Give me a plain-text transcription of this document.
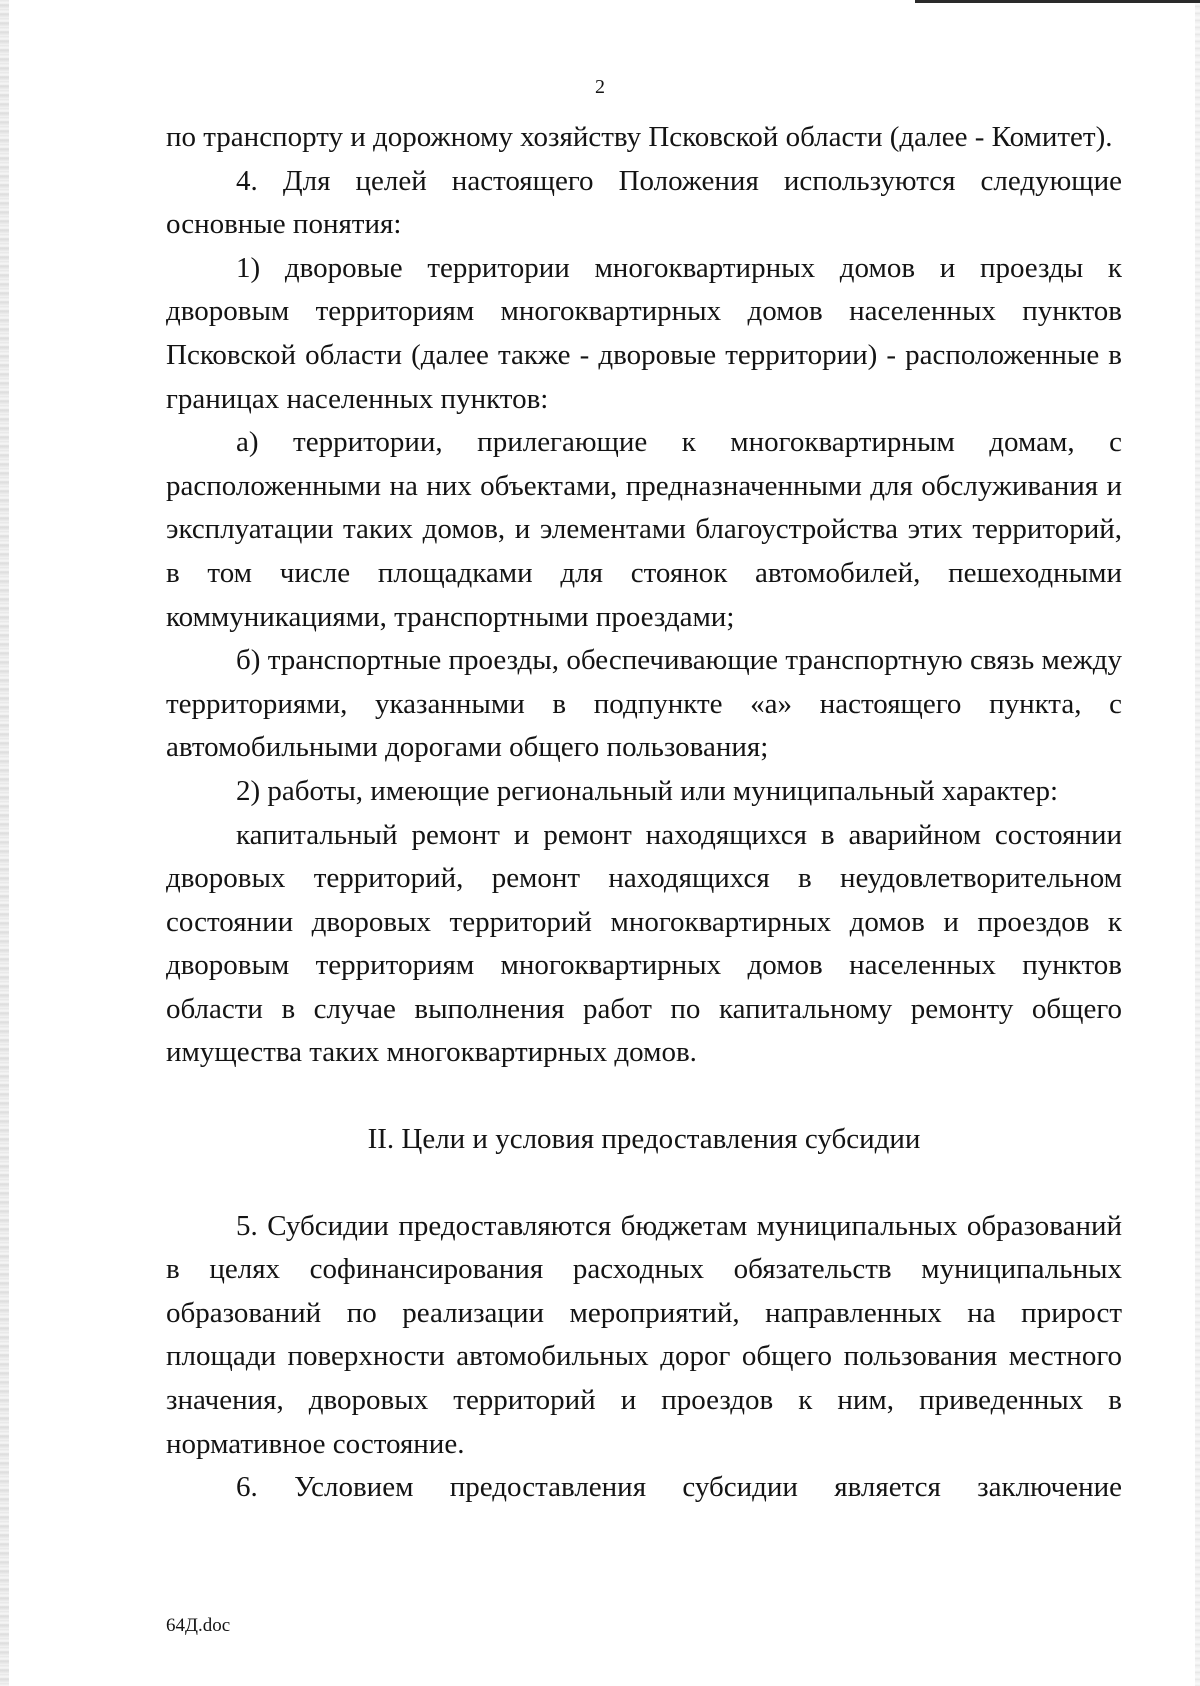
2

по транспорту и дорожному хозяйству Псковской области (далее - Комитет).

4. Для целей настоящего Положения используются следующие основные понятия:

1) дворовые территории многоквартирных домов и проезды к дворовым территориям многоквартирных домов населенных пунктов Псковской области (далее также - дворовые территории) - расположенные в границах населенных пунктов:

а) территории, прилегающие к многоквартирным домам, с расположенными на них объектами, предназначенными для обслуживания и эксплуатации таких домов, и элементами благоустройства этих территорий, в том числе площадками для стоянок автомобилей, пешеходными коммуникациями, транспортными проездами;

б) транспортные проезды, обеспечивающие транспортную связь между территориями, указанными в подпункте «а» настоящего пункта, с автомобильными дорогами общего пользования;

2) работы, имеющие региональный или муниципальный характер:

капитальный ремонт и ремонт находящихся в аварийном состоянии дворовых территорий, ремонт находящихся в неудовлетворительном состоянии дворовых территорий многоквартирных домов и проездов к дворовым территориям многоквартирных домов населенных пунктов области в случае выполнения работ по капитальному ремонту общего имущества таких многоквартирных домов.

II. Цели и условия предоставления субсидии

5. Субсидии предоставляются бюджетам муниципальных образований в целях софинансирования расходных обязательств муниципальных образований по реализации мероприятий, направленных на прирост площади поверхности автомобильных дорог общего пользования местного значения, дворовых территорий и проездов к ним, приведенных в нормативное состояние.

6. Условием предоставления субсидии является заключение

64Д.doc
